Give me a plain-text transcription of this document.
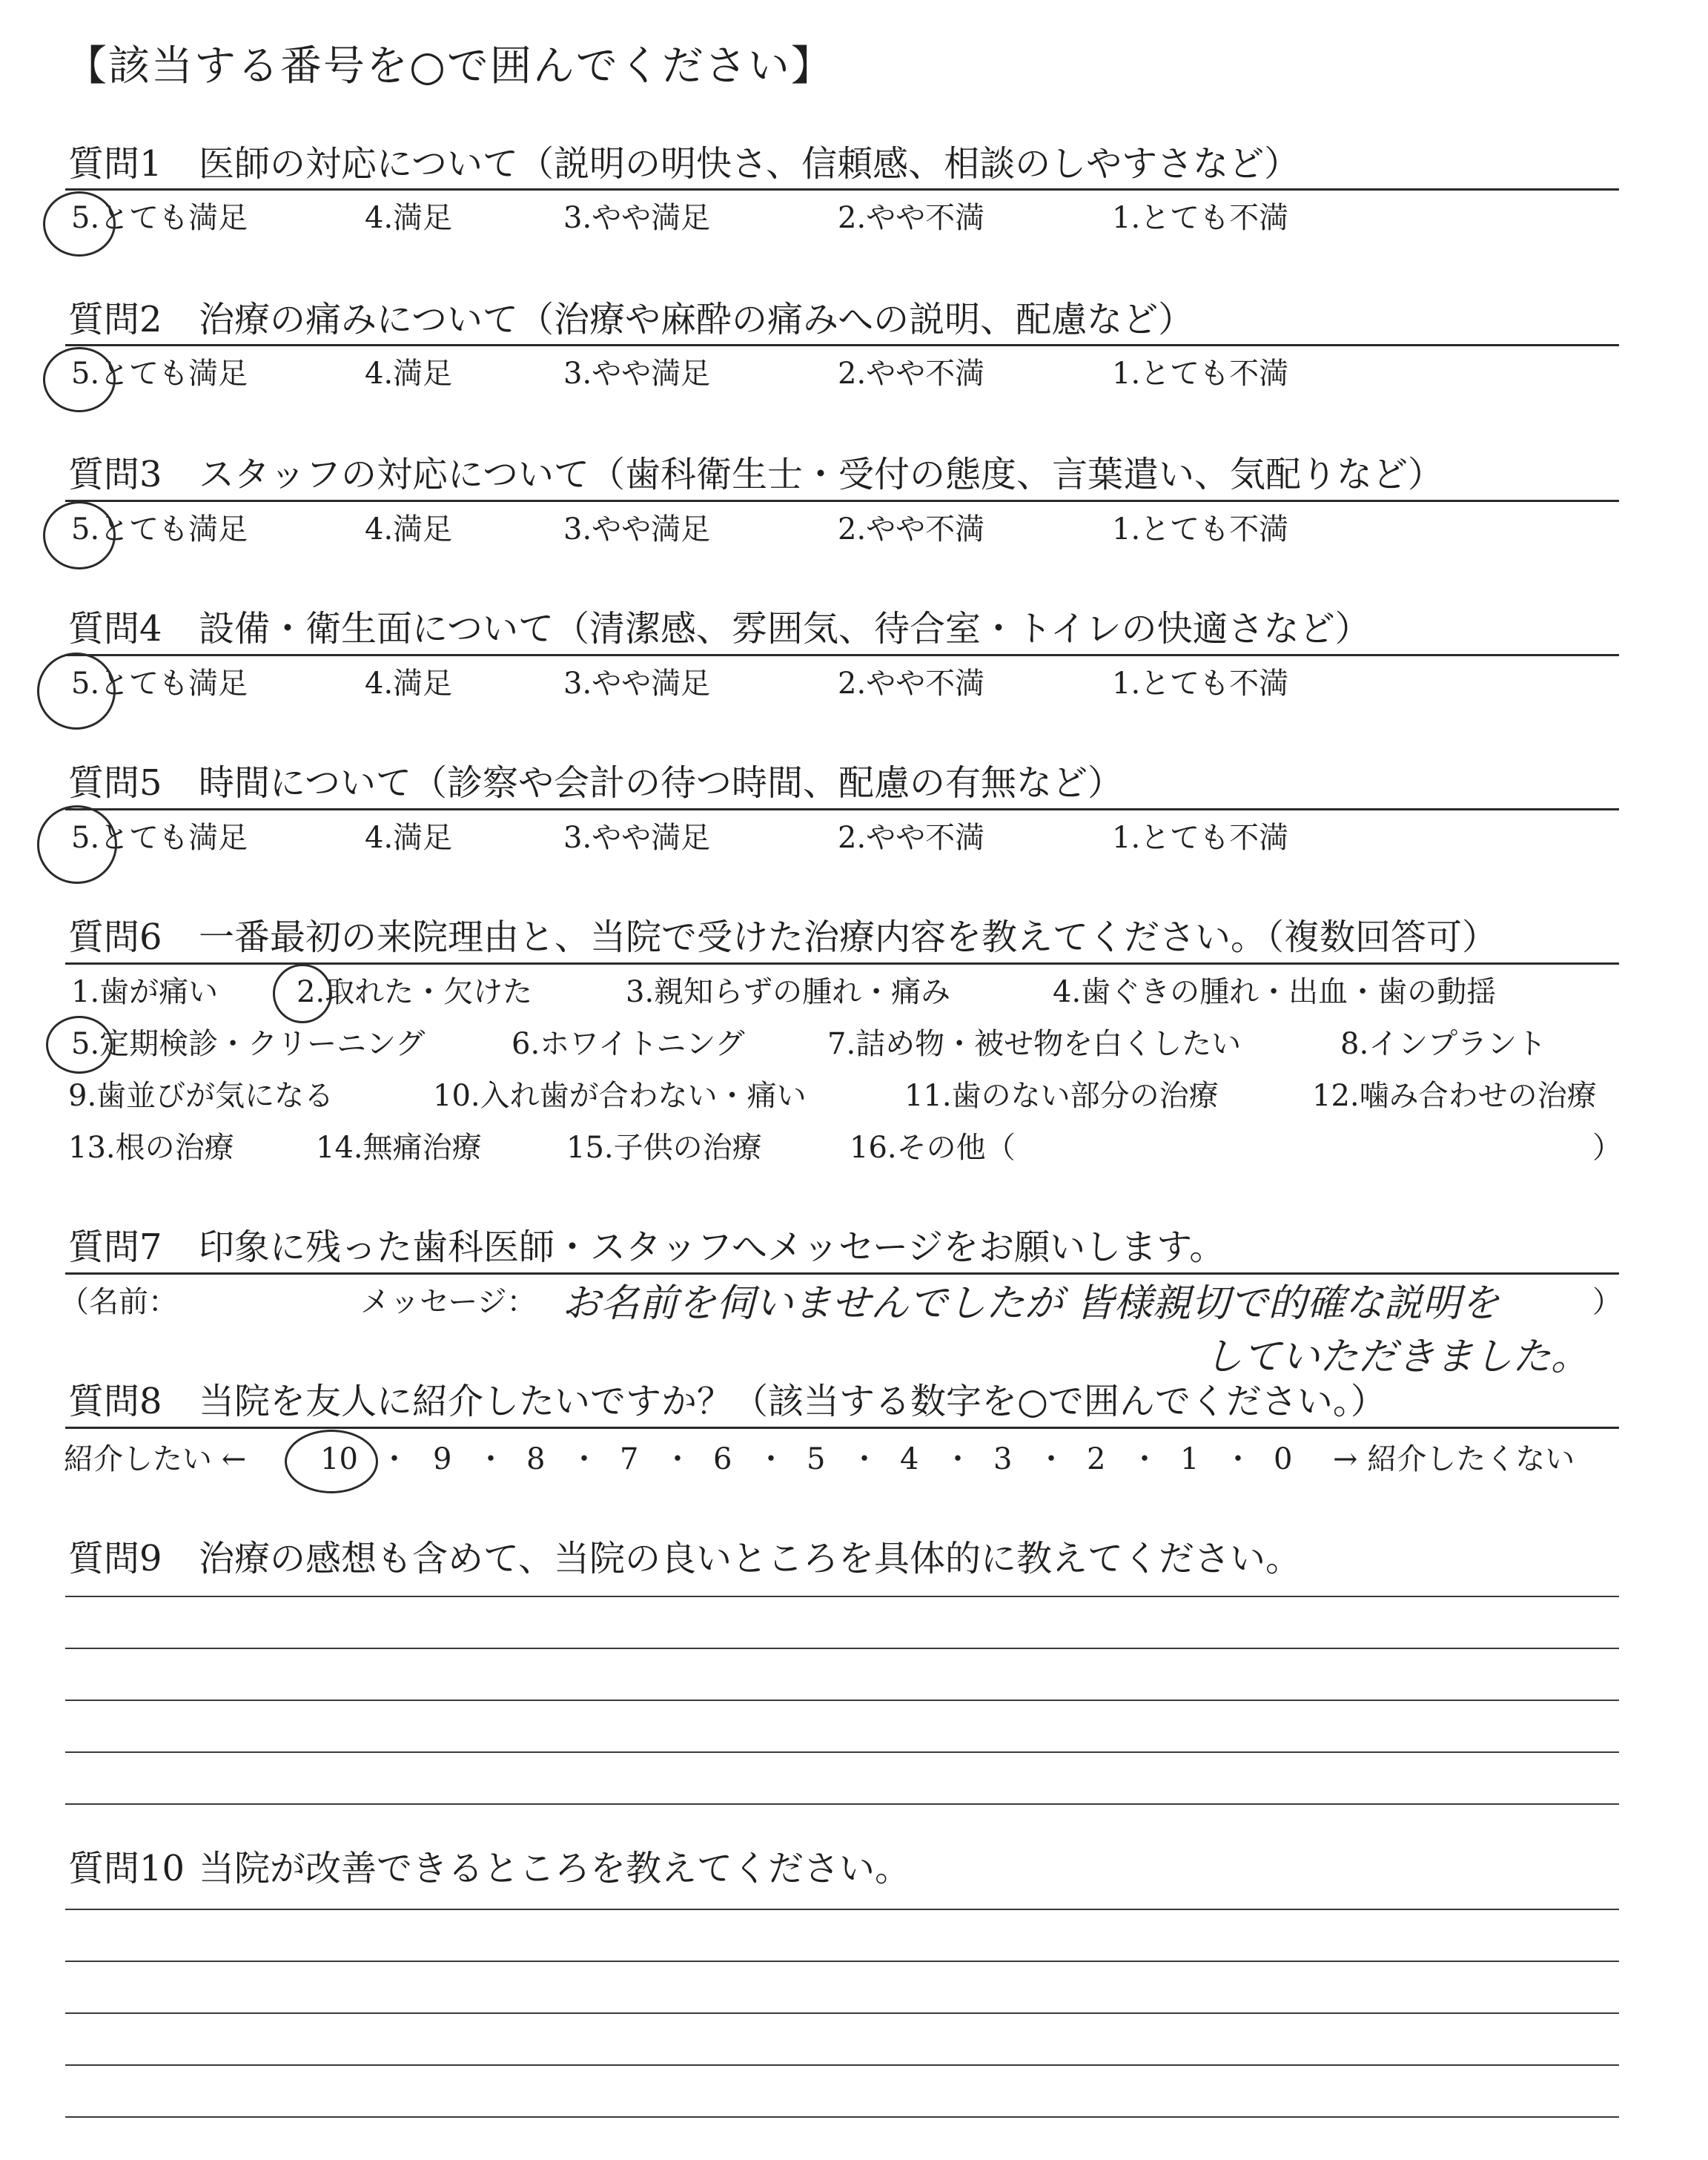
【該当する番号を○で囲んでください】
質問1 医師の対応について（説明の明快さ、信頼感、相談のしやすさなど）
5.とても満足	4.満足	3.やや満足	2.やや不満	1.とても不満
質問2 治療の痛みについて（治療や麻酔の痛みへの説明、配慮など）
5.とても満足	4.満足	3.やや満足	2.やや不満	1.とても不満
質問3 スタッフの対応について（歯科衛生士・受付の態度、言葉遣い、気配りなど）
5.とても満足	4.満足	3.やや満足	2.やや不満	1.とても不満
質問4 設備・衛生面について（清潔感、雰囲気、待合室・トイレの快適さなど）
5.とても満足	4.満足	3.やや満足	2.やや不満	1.とても不満
質問5 時間について（診察や会計の待つ時間、配慮の有無など）
5.とても満足	4.満足	3.やや満足	2.やや不満	1.とても不満
質問6 一番最初の来院理由と、当院で受けた治療内容を教えてください。（複数回答可）
1.歯が痛い	2.取れた・欠けた	3.親知らずの腫れ・痛み	4.歯ぐきの腫れ・出血・歯の動揺
5.定期検診・クリーニング	6.ホワイトニング	7.詰め物・被せ物を白くしたい	8.インプラント
9.歯並びが気になる	10.入れ歯が合わない・痛い	11.歯のない部分の治療	12.噛み合わせの治療
13.根の治療	14.無痛治療	15.子供の治療	16.その他（	）
質問7 印象に残った歯科医師・スタッフへメッセージをお願いします。
（名前：	メッセージ： お名前を伺いませんでしたが 皆様親切で的確な説明を
していただきました。
）
質問8 当院を友人に紹介したいですか？（該当する数字を○で囲んでください。）
紹介したい ← 10 ・ 9 ・ 8 ・ 7 ・ 6 ・ 5 ・ 4 ・ 3 ・ 2 ・ 1 ・ 0 → 紹介したくない
質問9 治療の感想も含めて、当院の良いところを具体的に教えてください。
質問10 当院が改善できるところを教えてください。
